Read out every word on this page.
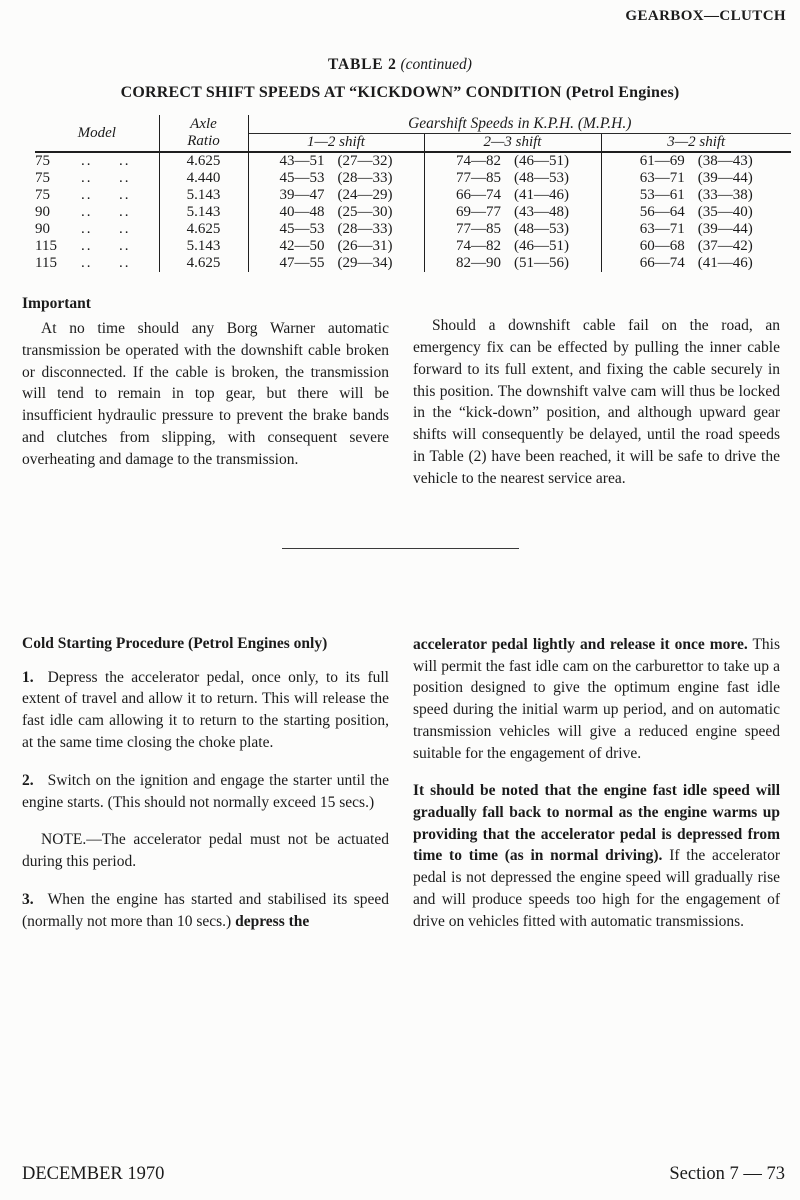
GEARBOX—CLUTCH
TABLE 2 (continued)
CORRECT SHIFT SPEEDS AT “KICKDOWN” CONDITION (Petrol Engines)
Model	Axle
Ratio	Gearshift Speeds in K.P.H. (M.P.H.)		
		1—2 shift	2—3 shift	3—2 shift
75 .. ..	4.625	43—51 (27—32)	74—82 (46—51)	61—69 (38—43)
75 .. ..	4.440	45—53 (28—33)	77—85 (48—53)	63—71 (39—44)
75 .. ..	5.143	39—47 (24—29)	66—74 (41—46)	53—61 (33—38)
90 .. ..	5.143	40—48 (25—30)	69—77 (43—48)	56—64 (35—40)
90 .. ..	4.625	45—53 (28—33)	77—85 (48—53)	63—71 (39—44)
115 .. ..	5.143	42—50 (26—31)	74—82 (46—51)	60—68 (37—42)
115 .. ..	4.625	47—55 (29—34)	82—90 (51—56)	66—74 (41—46)
Important

At no time should any Borg Warner automatic transmission be operated with the downshift cable broken or disconnected. If the cable is broken, the transmission will tend to remain in top gear, but there will be insufficient hydraulic pressure to prevent the brake bands and clutches from slipping, with consequent severe overheating and damage to the transmission.

Should a downshift cable fail on the road, an emergency fix can be effected by pulling the inner cable forward to its full extent, and fixing the cable securely in this position. The downshift valve cam will thus be locked in the “kick-down” position, and although upward gear shifts will consequently be delayed, until the road speeds in Table (2) have been reached, it will be safe to drive the vehicle to the nearest service area.

Cold Starting Procedure (Petrol Engines only)

1. Depress the accelerator pedal, once only, to its full extent of travel and allow it to return. This will release the fast idle cam allowing it to return to the starting position, at the same time closing the choke plate.

2. Switch on the ignition and engage the starter until the engine starts. (This should not normally exceed 15 secs.)

NOTE.—The accelerator pedal must not be actuated during this period.

3. When the engine has started and stabilised its speed (normally not more than 10 secs.) depress the

accelerator pedal lightly and release it once more. This will permit the fast idle cam on the carburettor to take up a position designed to give the optimum engine fast idle speed during the initial warm up period, and on automatic transmission vehicles will give a reduced engine speed suitable for the engagement of drive.

It should be noted that the engine fast idle speed will gradually fall back to normal as the engine warms up providing that the accelerator pedal is depressed from time to time (as in normal driving). If the accelerator pedal is not depressed the engine speed will gradually rise and will produce speeds too high for the engagement of drive on vehicles fitted with automatic transmissions.

DECEMBER 1970	Section 7 — 73
